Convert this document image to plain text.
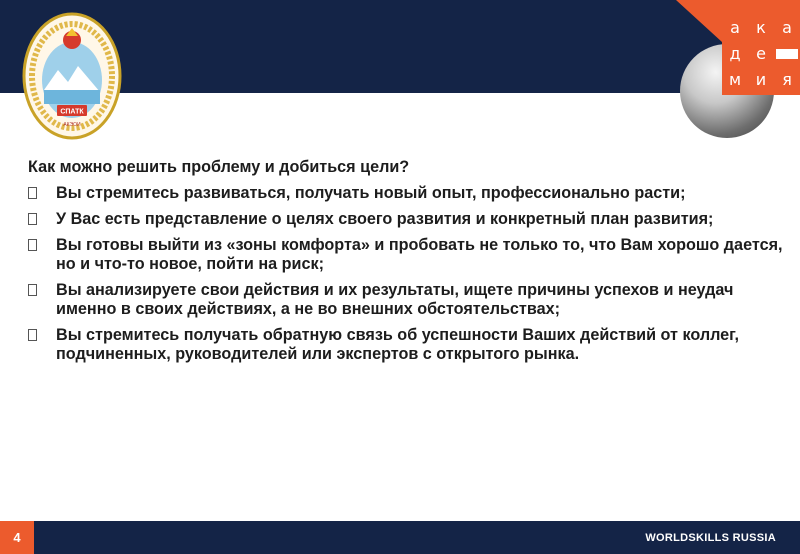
СПАТК
АКЭОИ
а	к	а
д е
м и я

Как можно решить проблему и добиться цели?

Вы стремитесь развиваться, получать новый опыт, профессионально расти;
У Вас есть представление о целях своего развития и конкретный план развития;
Вы готовы выйти из «зоны комфорта» и пробовать не только то, что Вам хорошо дается, но и что-то новое, пойти на риск;
Вы анализируете свои действия и их результаты, ищете причины успехов и неудач именно в своих действиях, а не во внешних обстоятельствах;
Вы стремитесь получать обратную связь об успешности Ваших действий от коллег, подчиненных, руководителей или экспертов с открытого рынка.
4	WORLDSKILLS RUSSIA
